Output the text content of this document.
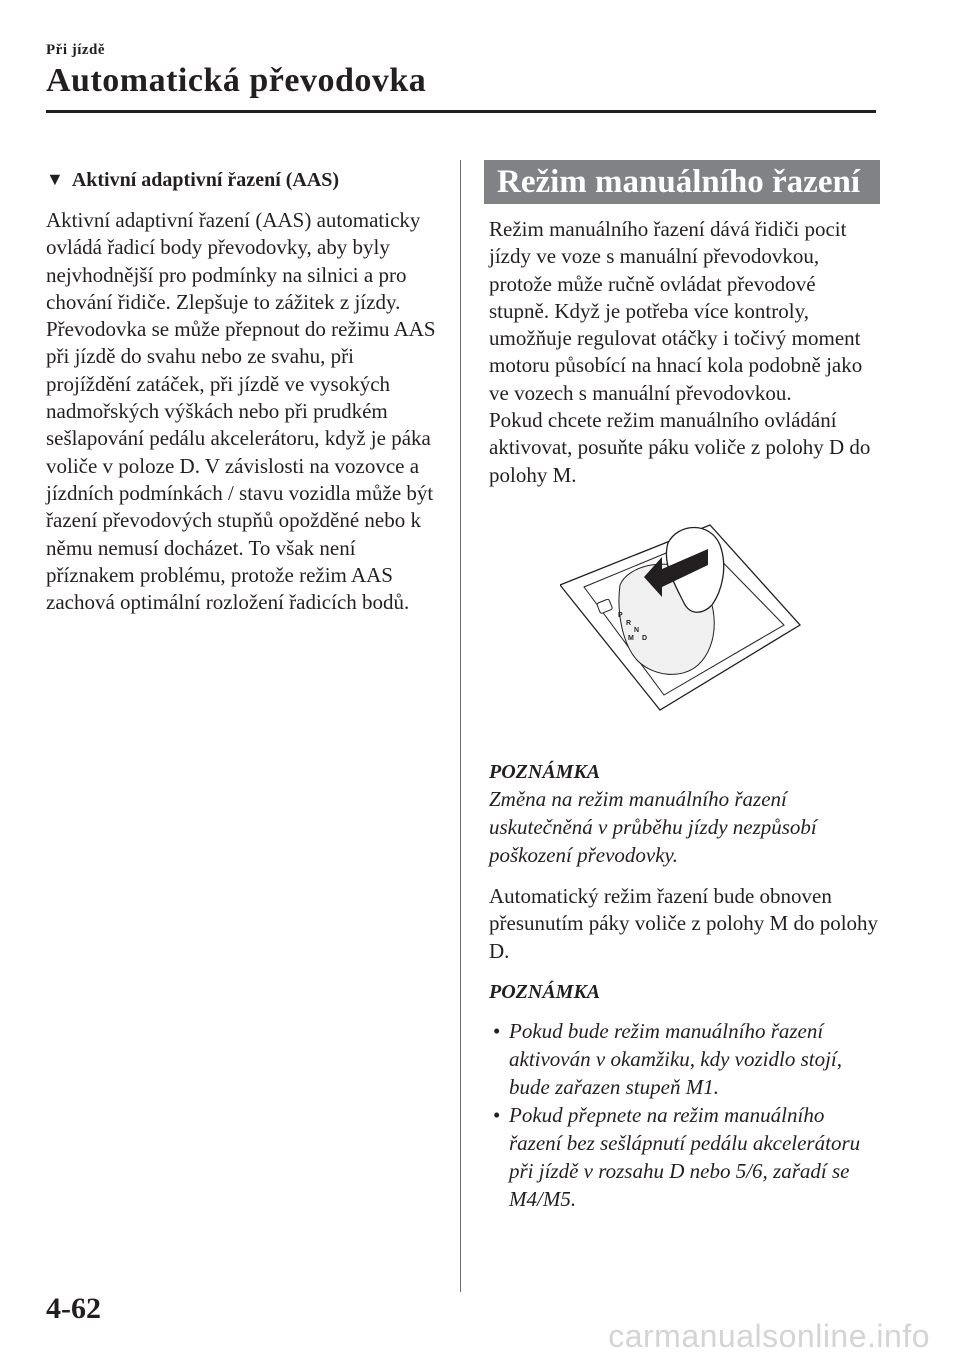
Při jízdě
Automatická převodovka
▼ Aktivní adaptivní řazení (AAS)

Aktivní adaptivní řazení (AAS) automaticky ovládá řadicí body převodovky, aby byly nejvhodnější pro podmínky na silnici a pro chování řidiče. Zlepšuje to zážitek z jízdy. Převodovka se může přepnout do režimu AAS při jízdě do svahu nebo ze svahu, při projíždění zatáček, při jízdě ve vysokých nadmořských výškách nebo při prudkém sešlapování pedálu akcelerátoru, když je páka voliče v poloze D. V závislosti na vozovce a jízdních podmínkách / stavu vozidla může být řazení převodových stupňů opožděné nebo k němu nemusí docházet. To však není příznakem problému, protože režim AAS zachová optimální rozložení řadicích bodů.

Režim manuálního řazení

Režim manuálního řazení dává řidiči pocit jízdy ve voze s manuální převodovkou, protože může ručně ovládat převodové stupně. Když je potřeba více kontroly, umožňuje regulovat otáčky i točivý moment motoru působící na hnací kola podobně jako ve vozech s manuální převodovkou.

Pokud chcete režim manuálního ovládání aktivovat, posuňte páku voliče z polohy D do polohy M.

P
R
N
D
M

POZNÁMKA

Změna na režim manuálního řazení uskutečněná v průběhu jízdy nezpůsobí poškození převodovky.

Automatický režim řazení bude obnoven přesunutím páky voliče z polohy M do polohy D.

POZNÁMKA

• Pokud bude režim manuálního řazení aktivován v okamžiku, kdy vozidlo stojí, bude zařazen stupeň M1.
• Pokud přepnete na režim manuálního řazení bez sešlápnutí pedálu akcelerátoru při jízdě v rozsahu D nebo 5/6, zařadí se M4/M5.
4-62
carmanualsonline.info
